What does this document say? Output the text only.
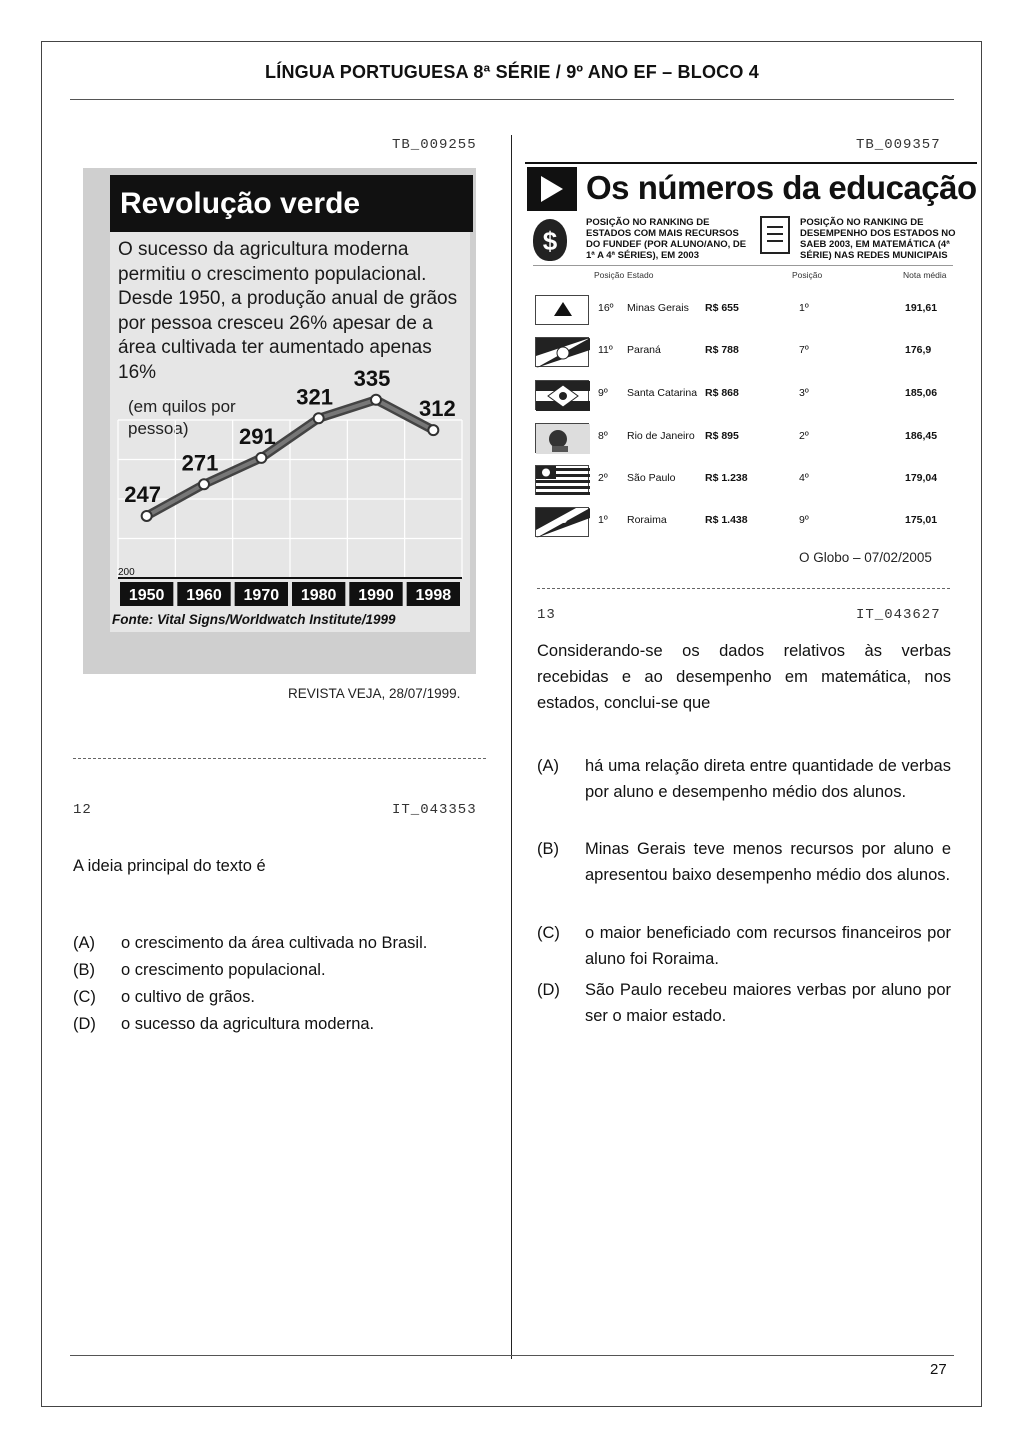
LÍNGUA PORTUGUESA 8ª SÉRIE / 9º ANO EF – BLOCO 4
27
TB_009255
Revolução verde
O sucesso da agricultura moderna permitiu o crescimento populacional. Desde 1950, a produção anual de grãos por pessoa cresceu 26% apesar de a área cultivada ter aumentado apenas 16%
(em quilos por pessoa)
200
247
271
291
321
335
312
1950 1960 1970 1980 1990 1998
Fonte: Vital Signs/Worldwatch Institute/1999
REVISTA VEJA, 28/07/1999.
12	IT_043353
A ideia principal do texto é
(A) o crescimento da área cultivada no Brasil.
(B) o crescimento populacional.
(C) o cultivo de grãos.
(D) o sucesso da agricultura moderna.
TB_009357
Os números da educação
$
POSIÇÃO NO RANKING DE ESTADOS COM MAIS RECURSOS DO FUNDEF (POR ALUNO/ANO, DE 1ª A 4ª SÉRIES), EM 2003
POSIÇÃO NO RANKING DE DESEMPENHO DOS ESTADOS NO SAEB 2003, EM MATEMÁTICA (4ª SÉRIE) NAS REDES MUNICIPAIS
Posição Estado	Posição	Nota média
16º Minas Gerais R$ 655	1º	191,61
11º Paraná	R$ 788	7º	176,9
9º Santa Catarina R$ 868	3º	185,06
8º Rio de Janeiro R$ 895	2º	186,45
2º São Paulo	R$ 1.238	4º	179,04
1º Roraima	R$ 1.438	9º	175,01
O Globo – 07/02/2005
13	IT_043627
Considerando-se os dados relativos às verbas recebidas e ao desempenho em matemática, nos estados, conclui-se que
(A) há uma relação direta entre quantidade de verbas por aluno e desempenho médio dos alunos.
(B) Minas Gerais teve menos recursos por aluno e apresentou baixo desempenho médio dos alunos.
(C) o maior beneficiado com recursos financeiros por aluno foi Roraima.
(D) São Paulo recebeu maiores verbas por aluno por ser o maior estado.
